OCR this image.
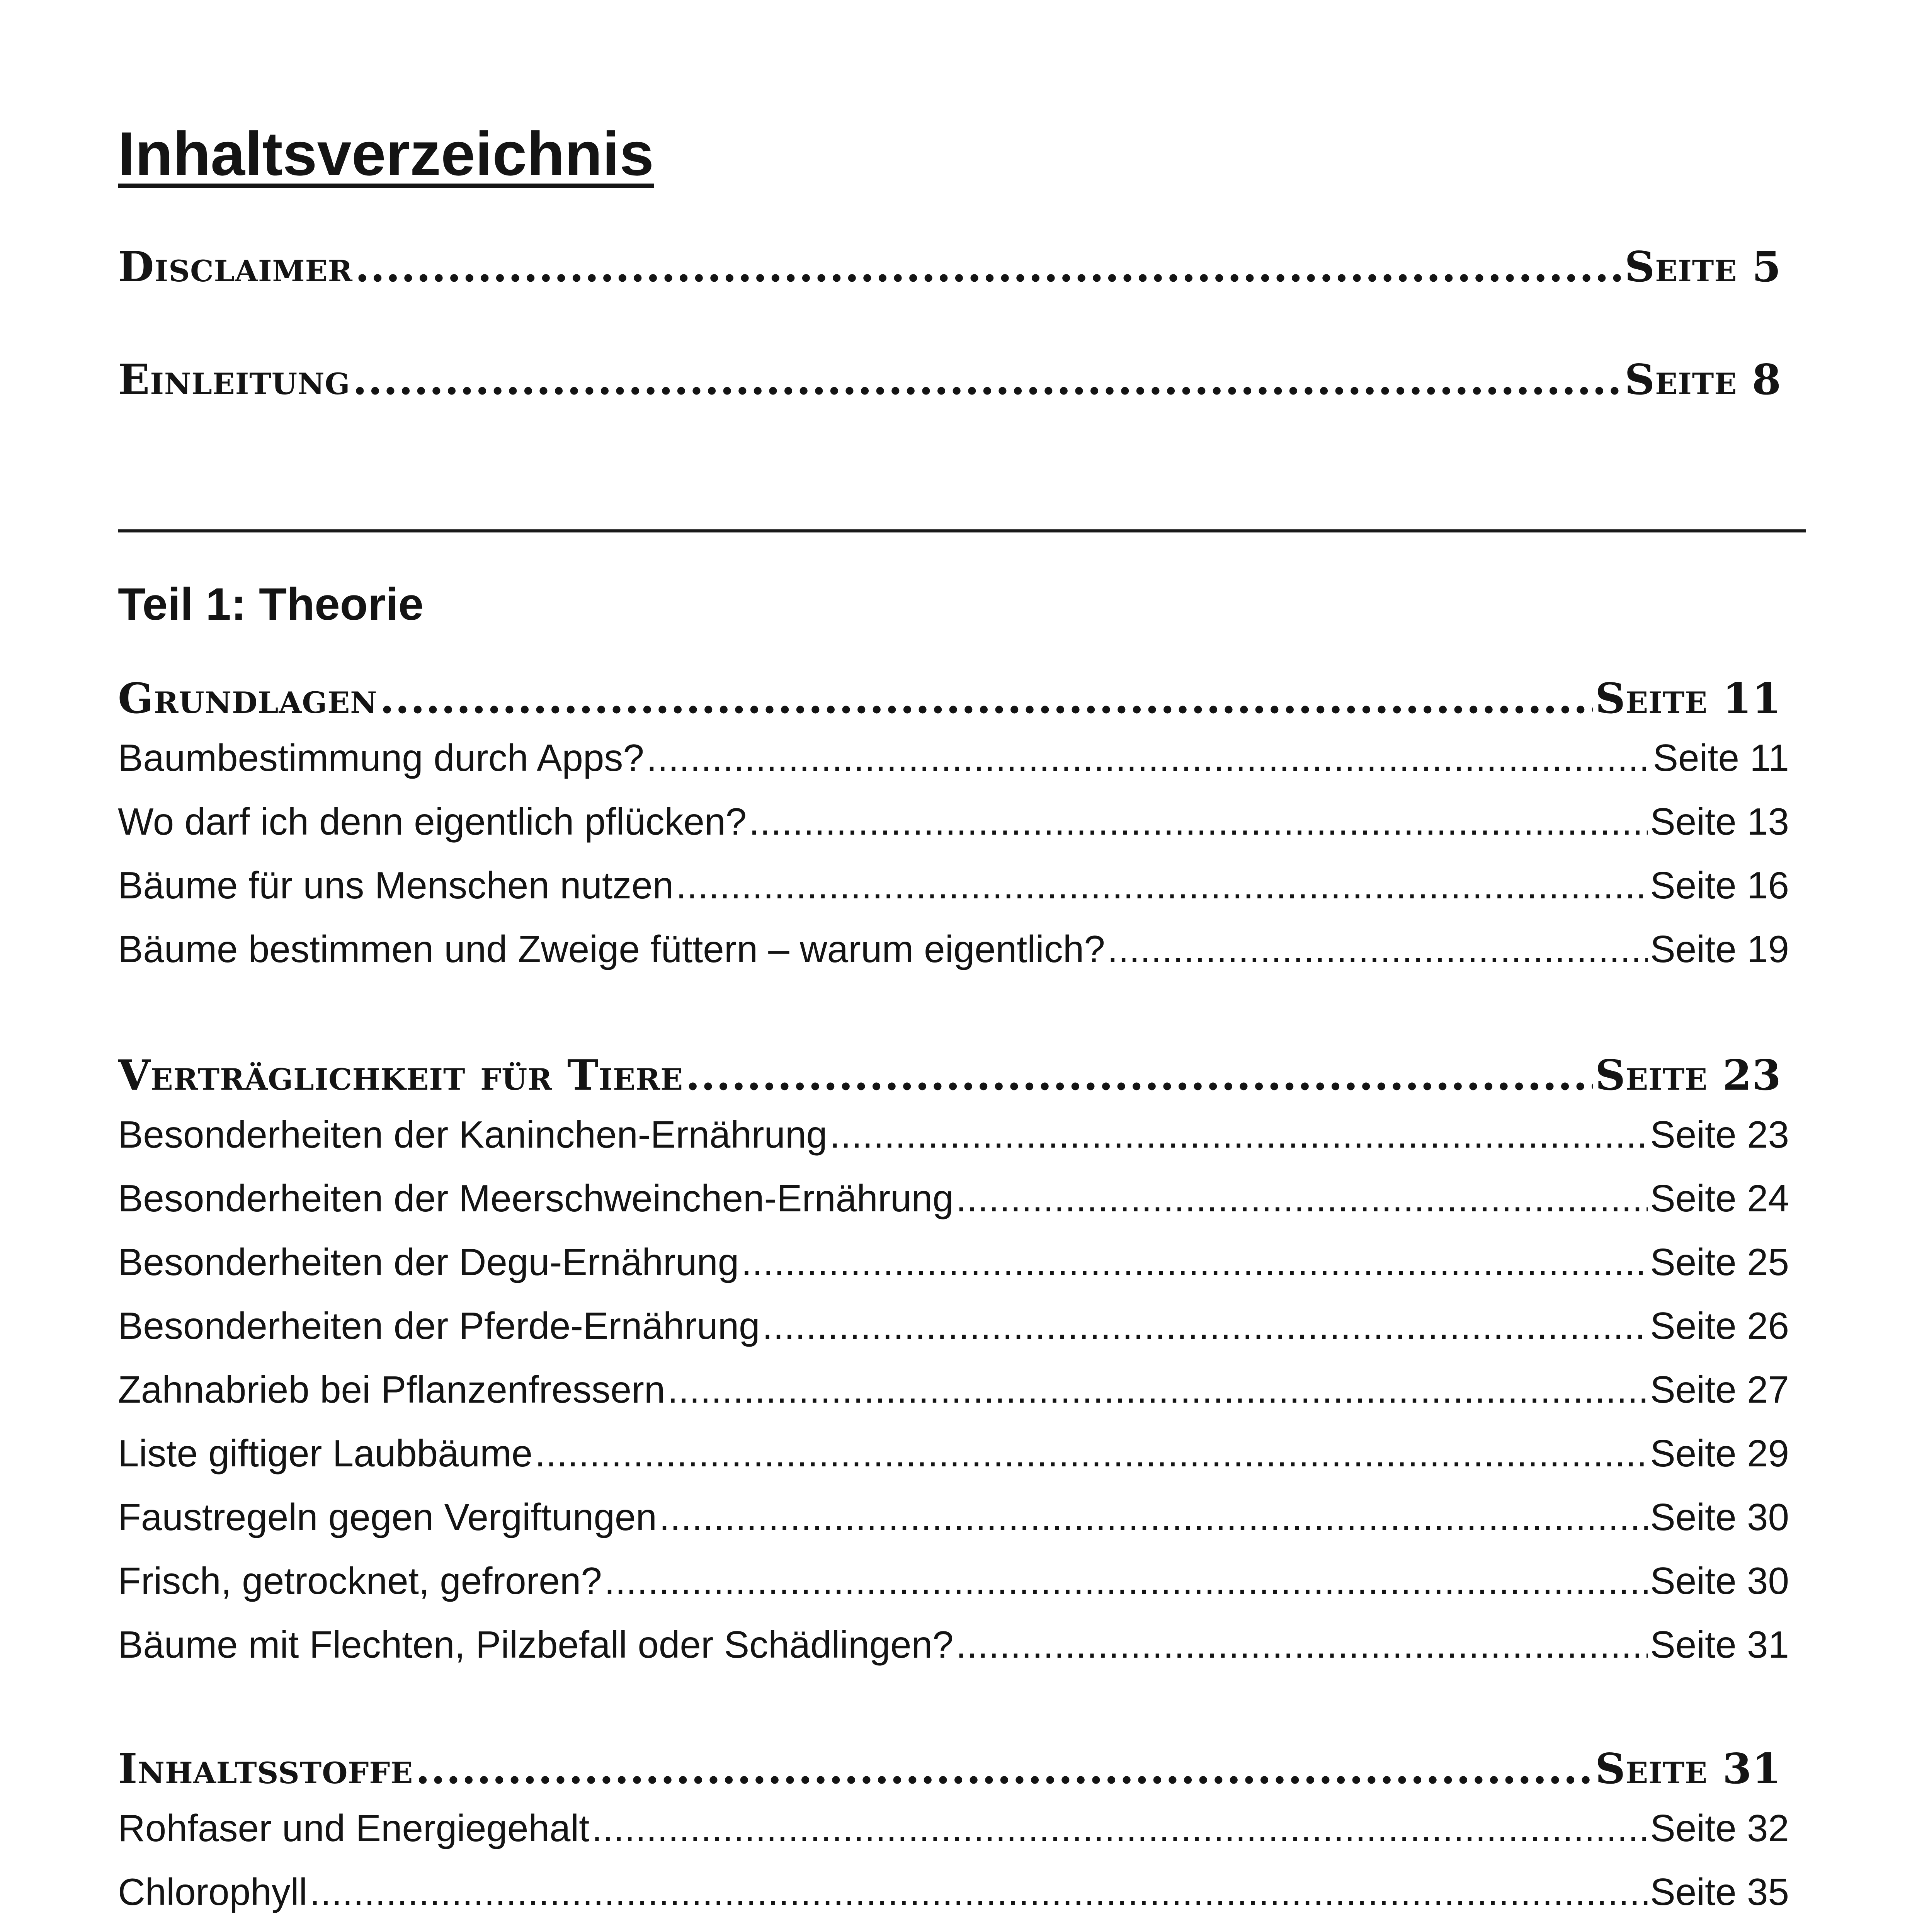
Inhaltsverzeichnis
Disclaimer .....	Seite 5
Einleitung .....	Seite 8
Teil 1: Theorie
Grundlagen .....	Seite 11
Baumbestimmung durch Apps? .....	Seite 11
Wo darf ich denn eigentlich pflücken? .....	Seite 13
Bäume für uns Menschen nutzen .....	Seite 16
Bäume bestimmen und Zweige füttern – warum eigentlich? .....	Seite 19
Verträglichkeit für Tiere .....	Seite 23
Besonderheiten der Kaninchen-Ernährung .....	Seite 23
Besonderheiten der Meerschweinchen-Ernährung .....	Seite 24
Besonderheiten der Degu-Ernährung .....	Seite 25
Besonderheiten der Pferde-Ernährung .....	Seite 26
Zahnabrieb bei Pflanzenfressern .....	Seite 27
Liste giftiger Laubbäume .....	Seite 29
Faustregeln gegen Vergiftungen .....	Seite 30
Frisch, getrocknet, gefroren? .....	Seite 30
Bäume mit Flechten, Pilzbefall oder Schädlingen? .....	Seite 31
Inhaltsstoffe .....	Seite 31
Rohfaser und Energiegehalt .....	Seite 32
Chlorophyll .....	Seite 35
